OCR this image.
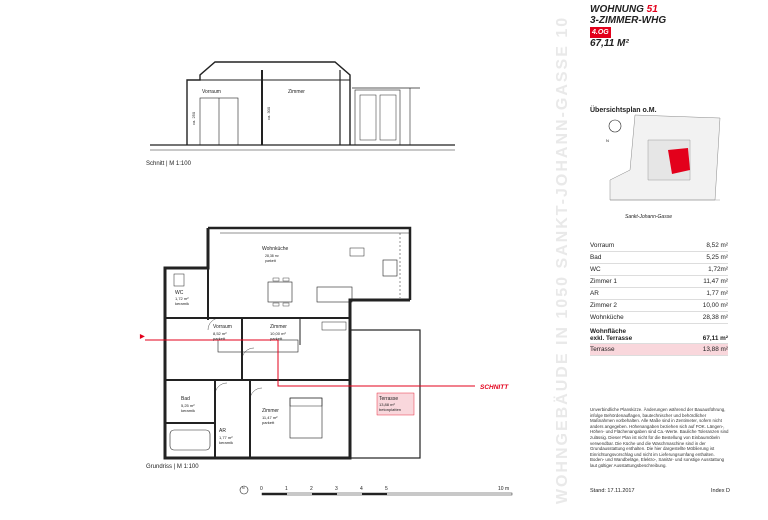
Vorraum	Zimmer
ca. 250	ca. 300
Schnitt | M 1:100
▶
SCHNITT
Wohnküche
28,38 m²
parkett
WC
1,72 m²
keramik
Vorraum
8,52 m²
parkett
Zimmer
10,00 m²
parkett
Bad
5,25 m²
keramik	Zimmer
11,47 m²
parkett
AR
1,77 m²
keramik
Terrasse
13,88 m²
betonplatten
Grundriss | M 1:100
0	1	2	3	4	5	10 m
N
N
Sankt-Johann-Gasse
WOHNGEBÄUDE IN 1050 SANKT-JOHANN-GASSE 10
WOHNUNG 51
3-ZIMMER-WHG
4.OG
67,11 M²
Übersichtsplan o.M.
Vorraum	8,52 m²
Bad	5,25 m²
WC	1,72m²
Zimmer 1	11,47 m²
AR	1,77 m²
Zimmer 2	10,00 m²
Wohnküche	28,38 m²
Wohnfläche
exkl. Terrasse	67,11 m²
Terrasse	13,88 m²
Unverbindliche Planskizze. Änderungen während der Bauausführung, infolge Behördenauflagen, bautechnischer und behördlicher Maßnahmen vorbehalten. Alle Maße sind in Zentimeter, sofern nicht anders angegeben. Höhenangaben beziehen sich auf FOK. Längen-, Höhen- und Flächenangaben sind Ca.-Werte. Bauliche Toleranzen sind zulässig. Dieser Plan ist nicht für die Bestellung von Einbaumöbeln verwendbar. Die Küche und die Waschmaschine sind in der Grundausstattung enthalten. Die hier dargestellte Möblierung ist Einrichtungsvorschlag und nicht im Lieferungsumfang enthalten. Boden- und Wandbeläge, Elektro-, Sanitär- und sonstige Ausstattung laut gültiger Ausstattungsbeschreibung.
Stand: 17.11.2017	Index D
